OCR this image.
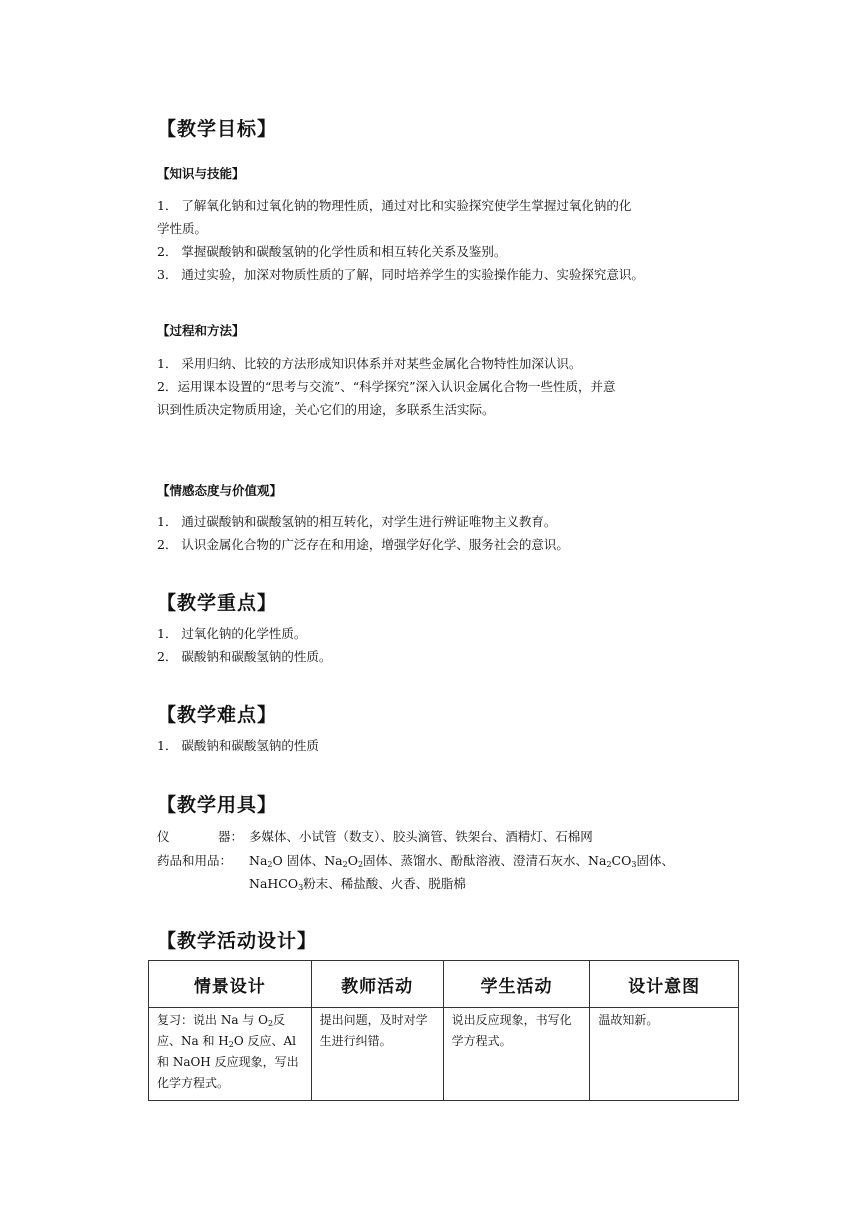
【教学目标】
【知识与技能】
1． 了解氧化钠和过氧化钠的物理性质，通过对比和实验探究使学生掌握过氧化钠的化
学性质。
2． 掌握碳酸钠和碳酸氢钠的化学性质和相互转化关系及鉴别。
3． 通过实验，加深对物质性质的了解，同时培养学生的实验操作能力、实验探究意识。
【过程和方法】
1． 采用归纳、比较的方法形成知识体系并对某些金属化合物特性加深认识。
2．运用课本设置的“思考与交流”、“科学探究”深入认识金属化合物一些性质，并意
识到性质决定物质用途，关心它们的用途，多联系生活实际。
【情感态度与价值观】
1． 通过碳酸钠和碳酸氢钠的相互转化，对学生进行辨证唯物主义教育。
2． 认识金属化合物的广泛存在和用途，增强学好化学、服务社会的意识。
【教学重点】
1． 过氧化钠的化学性质。
2． 碳酸钠和碳酸氢钠的性质。
【教学难点】
1． 碳酸钠和碳酸氢钠的性质
【教学用具】
仪	器： 多媒体、小试管（数支）、胶头滴管、铁架台、酒精灯、石棉网
药品和用品： $Na_2O$ 固体、$Na_2O_2$固体、蒸馏水、酚酞溶液、澄清石灰水、$Na_2CO_3$固体、
NaHCO$_3$粉末、稀盐酸、火香、脱脂棉
【教学活动设计】
情景设计	教师活动	学生活动	设计意图
复习：说出 Na 与 $O_2$反应、Na 和 $H_2O$ 反应、Al 和 NaOH 反应现象，写出化学方程式。	提出问题，及时对学生进行纠错。	说出反应现象，书写化学方程式。	温故知新。
